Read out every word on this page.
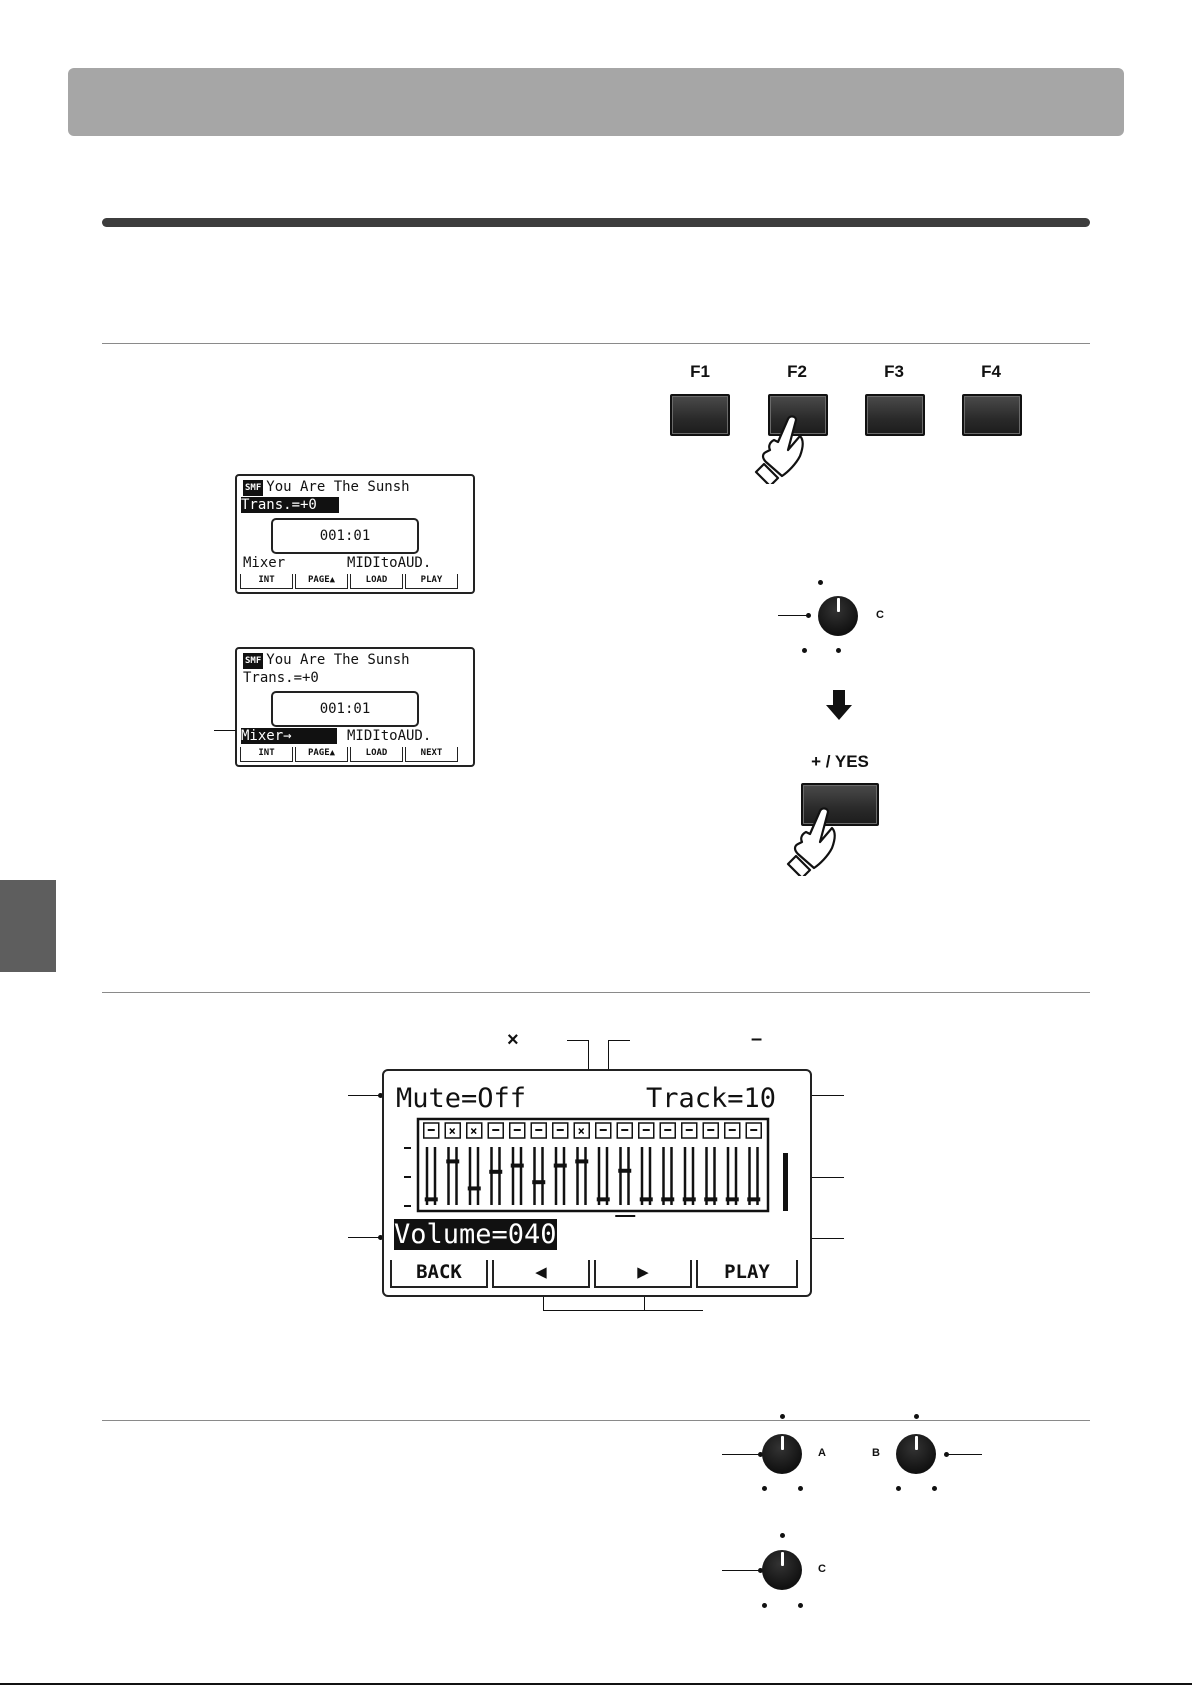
F1	F2	F3	F4
SMF You Are The Sunsh
Trans.=+0
001:01
Mixer	MIDItoAUD.
INT	PAGE▲	LOAD	PLAY
SMF You Are The Sunsh
Trans.=+0
001:01
Mixer→	MIDItoAUD.
INT	PAGE▲	LOAD	NEXT
C
+ / YES
×	–
Mute=Off	Track=10
× ×	×
Volume=040
BACK	◀	▶	PLAY
A	B
C
